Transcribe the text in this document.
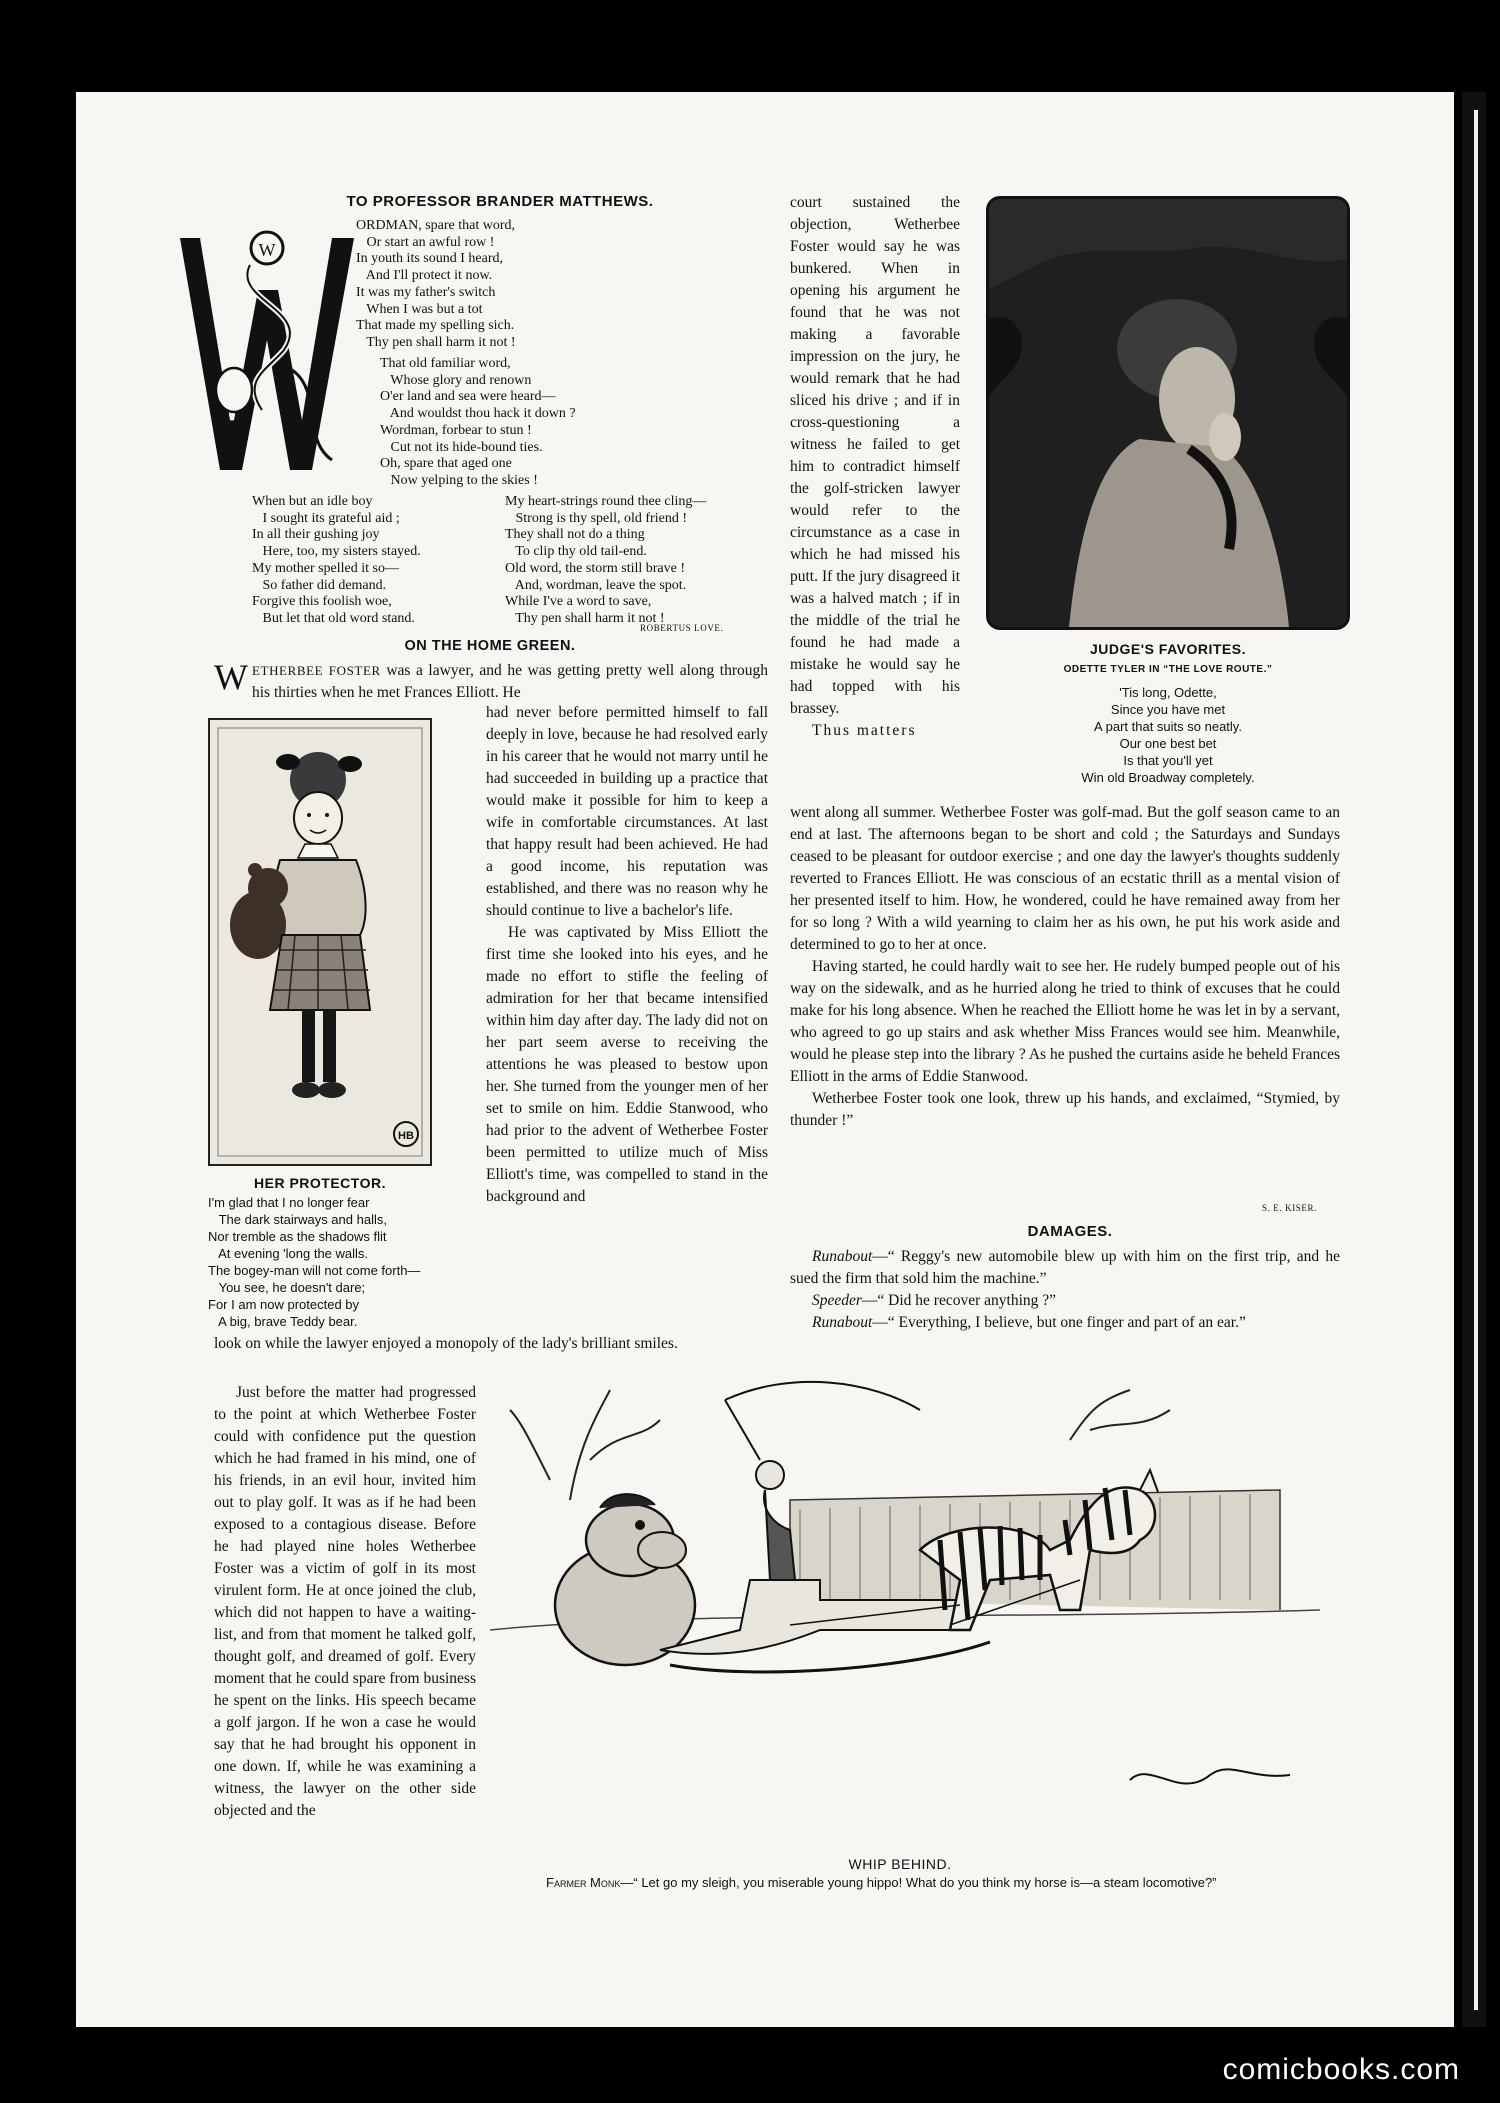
TO PROFESSOR BRANDER MATTHEWS.
W
ORDMAN, spare that word,
Or start an awful row !
In youth its sound I heard,
And I'll protect it now.
It was my father's switch
When I was but a tot
That made my spelling sich.
Thy pen shall harm it not !
That old familiar word,
Whose glory and renown
O'er land and sea were heard—
And wouldst thou hack it down ?
Wordman, forbear to stun !
Cut not its hide-bound ties.
Oh, spare that aged one
Now yelping to the skies !
When but an idle boy
I sought its grateful aid ;
In all their gushing joy
Here, too, my sisters stayed.
My mother spelled it so—
So father did demand.
Forgive this foolish woe,
But let that old word stand.
My heart-strings round thee cling—
Strong is thy spell, old friend !
They shall not do a thing
To clip thy old tail-end.
Old word, the storm still brave !
And, wordman, leave the spot.
While I've a word to save,
Thy pen shall harm it not !
ROBERTUS LOVE.
ON THE HOME GREEN.
WETHERBEE FOSTER was a lawyer, and he was getting pretty well along through his thirties when he met Frances Elliott. He
HB
HER PROTECTOR.
I'm glad that I no longer fear
The dark stairways and halls,
Nor tremble as the shadows flit
At evening 'long the walls.
The bogey-man will not come forth—
You see, he doesn't dare;
For I am now protected by
A big, brave Teddy bear.

had never before permitted himself to fall deeply in love, because he had resolved early in his career that he would not marry until he had succeeded in building up a practice that would make it possible for him to keep a wife in comfortable circumstances. At last that happy result had been achieved. He had a good income, his reputation was established, and there was no reason why he should continue to live a bachelor's life.

He was captivated by Miss Elliott the first time she looked into his eyes, and he made no effort to stifle the feeling of admiration for her that became intensified within him day after day. The lady did not on her part seem averse to receiving the attentions he was pleased to bestow upon her. She turned from the younger men of her set to smile on him. Eddie Stanwood, who had prior to the advent of Wetherbee Foster been permitted to utilize much of Miss Elliott's time, was compelled to stand in the background and

look on while the lawyer enjoyed a monopoly of the lady's brilliant smiles.

Just before the matter had progressed to the point at which Wetherbee Foster could with confidence put the question which he had framed in his mind, one of his friends, in an evil hour, invited him out to play golf. It was as if he had been exposed to a contagious disease. Before he had played nine holes Wetherbee Foster was a victim of golf in its most virulent form. He at once joined the club, which did not happen to have a waiting-list, and from that moment he talked golf, thought golf, and dreamed of golf. Every moment that he could spare from business he spent on the links. His speech became a golf jargon. If he won a case he would say that he had brought his opponent in one down. If, while he was examining a witness, the lawyer on the other side objected and the

court sustained the objection, Wetherbee Foster would say he was bunkered. When in opening his argument he found that he was not making a favorable impression on the jury, he would remark that he had sliced his drive ; and if in cross-questioning a witness he failed to get him to contradict himself the golf-stricken lawyer would refer to the circumstance as a case in which he had missed his putt. If the jury disagreed it was a halved match ; if in the middle of the trial he found he had made a mistake he would say he had topped with his brassey.

Thus matters

went along all summer. Wetherbee Foster was golf-mad. But the golf season came to an end at last. The afternoons began to be short and cold ; the Saturdays and Sundays ceased to be pleasant for outdoor exercise ; and one day the lawyer's thoughts suddenly reverted to Frances Elliott. He was conscious of an ecstatic thrill as a mental vision of her presented itself to him. How, he wondered, could he have remained away from her for so long ? With a wild yearning to claim her as his own, he put his work aside and determined to go to her at once.

Having started, he could hardly wait to see her. He rudely bumped people out of his way on the sidewalk, and as he hurried along he tried to think of excuses that he could make for his long absence. When he reached the Elliott home he was let in by a servant, who agreed to go up stairs and ask whether Miss Frances would see him. Meanwhile, would he please step into the library ? As he pushed the curtains aside he beheld Frances Elliott in the arms of Eddie Stanwood.

Wetherbee Foster took one look, threw up his hands, and exclaimed, “Stymied, by thunder !”

S. E. KISER.
JUDGE'S FAVORITES.
ODETTE TYLER IN “THE LOVE ROUTE.”
'Tis long, Odette,
Since you have met
A part that suits so neatly.
Our one best bet
Is that you'll yet
Win old Broadway completely.
DAMAGES.

Runabout—“ Reggy's new automobile blew up with him on the first trip, and he sued the firm that sold him the machine.”

Speeder—“ Did he recover anything ?”

Runabout—“ Everything, I believe, but one finger and part of an ear.”

WHIP BEHIND.
Farmer Monk—“ Let go my sleigh, you miserable young hippo! What do you think my horse is—a steam locomotive?”
comicbooks.com
